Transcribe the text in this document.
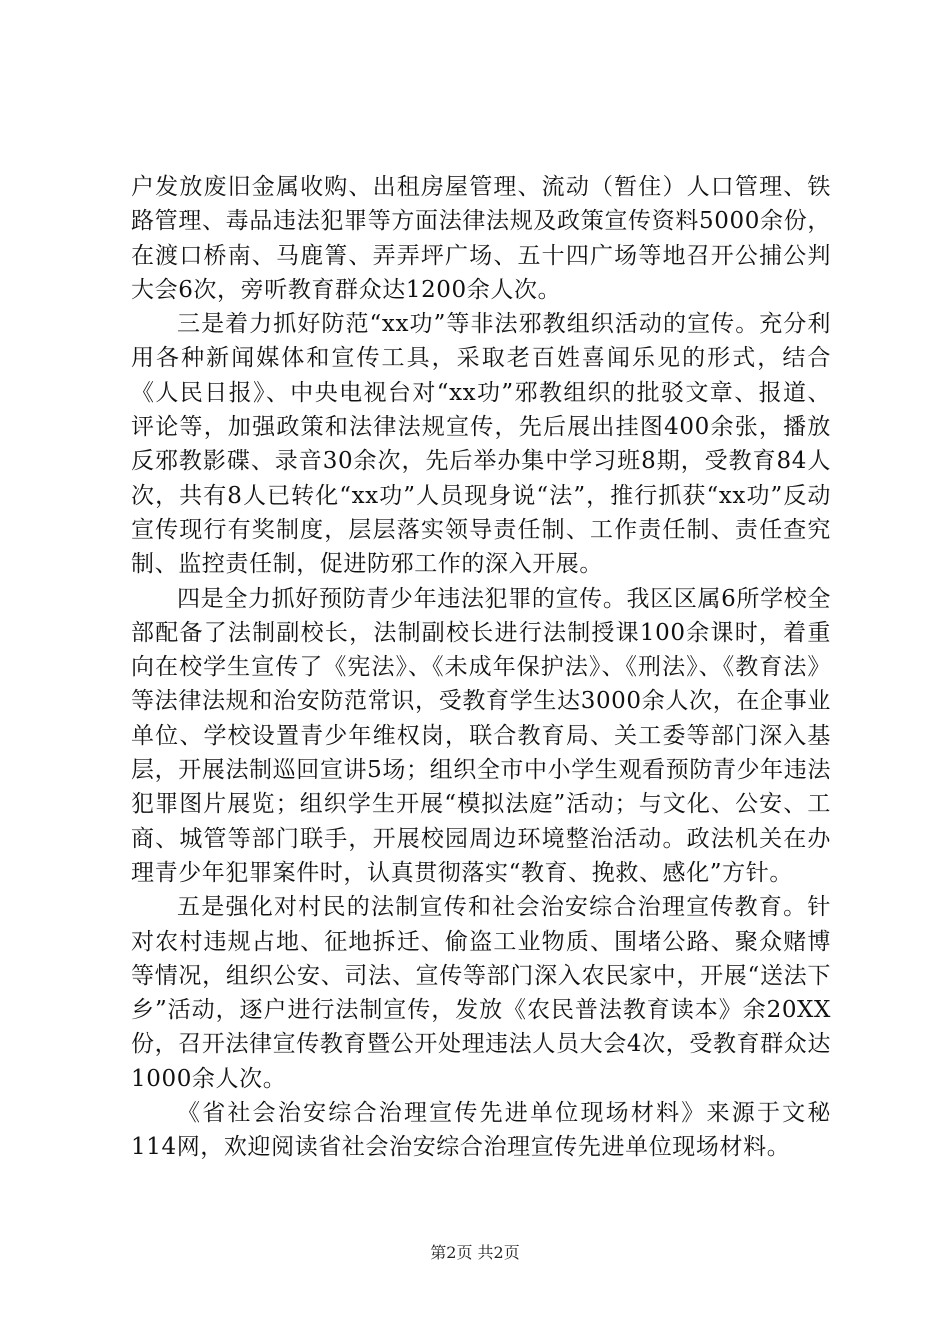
户发放废旧金属收购、出租房屋管理、流动（暂住）人口管理、铁路管理、毒品违法犯罪等方面法律法规及政策宣传资料5000余份，在渡口桥南、马鹿箐、弄弄坪广场、五十四广场等地召开公捕公判大会6次，旁听教育群众达1200余人次。

三是着力抓好防范“xx功”等非法邪教组织活动的宣传。充分利用各种新闻媒体和宣传工具，采取老百姓喜闻乐见的形式，结合《人民日报》、中央电视台对“xx功”邪教组织的批驳文章、报道、评论等，加强政策和法律法规宣传，先后展出挂图400余张，播放反邪教影碟、录音30余次，先后举办集中学习班8期，受教育84人次，共有8人已转化“xx功”人员现身说“法”，推行抓获“xx功”反动宣传现行有奖制度，层层落实领导责任制、工作责任制、责任查究制、监控责任制，促进防邪工作的深入开展。

四是全力抓好预防青少年违法犯罪的宣传。我区区属6所学校全部配备了法制副校长，法制副校长进行法制授课100余课时，着重向在校学生宣传了《宪法》、《未成年保护法》、《刑法》、《教育法》等法律法规和治安防范常识，受教育学生达3000余人次，在企事业单位、学校设置青少年维权岗，联合教育局、关工委等部门深入基层，开展法制巡回宣讲5场；组织全市中小学生观看预防青少年违法犯罪图片展览；组织学生开展“模拟法庭”活动；与文化、公安、工商、城管等部门联手，开展校园周边环境整治活动。政法机关在办理青少年犯罪案件时，认真贯彻落实“教育、挽救、感化”方针。

五是强化对村民的法制宣传和社会治安综合治理宣传教育。针对农村违规占地、征地拆迁、偷盗工业物质、围堵公路、聚众赌博等情况，组织公安、司法、宣传等部门深入农民家中，开展“送法下乡”活动，逐户进行法制宣传，发放《农民普法教育读本》余20XX份，召开法律宣传教育暨公开处理违法人员大会4次，受教育群众达1000余人次。

《省社会治安综合治理宣传先进单位现场材料》来源于文秘114网，欢迎阅读省社会治安综合治理宣传先进单位现场材料。

第2页 共2页
